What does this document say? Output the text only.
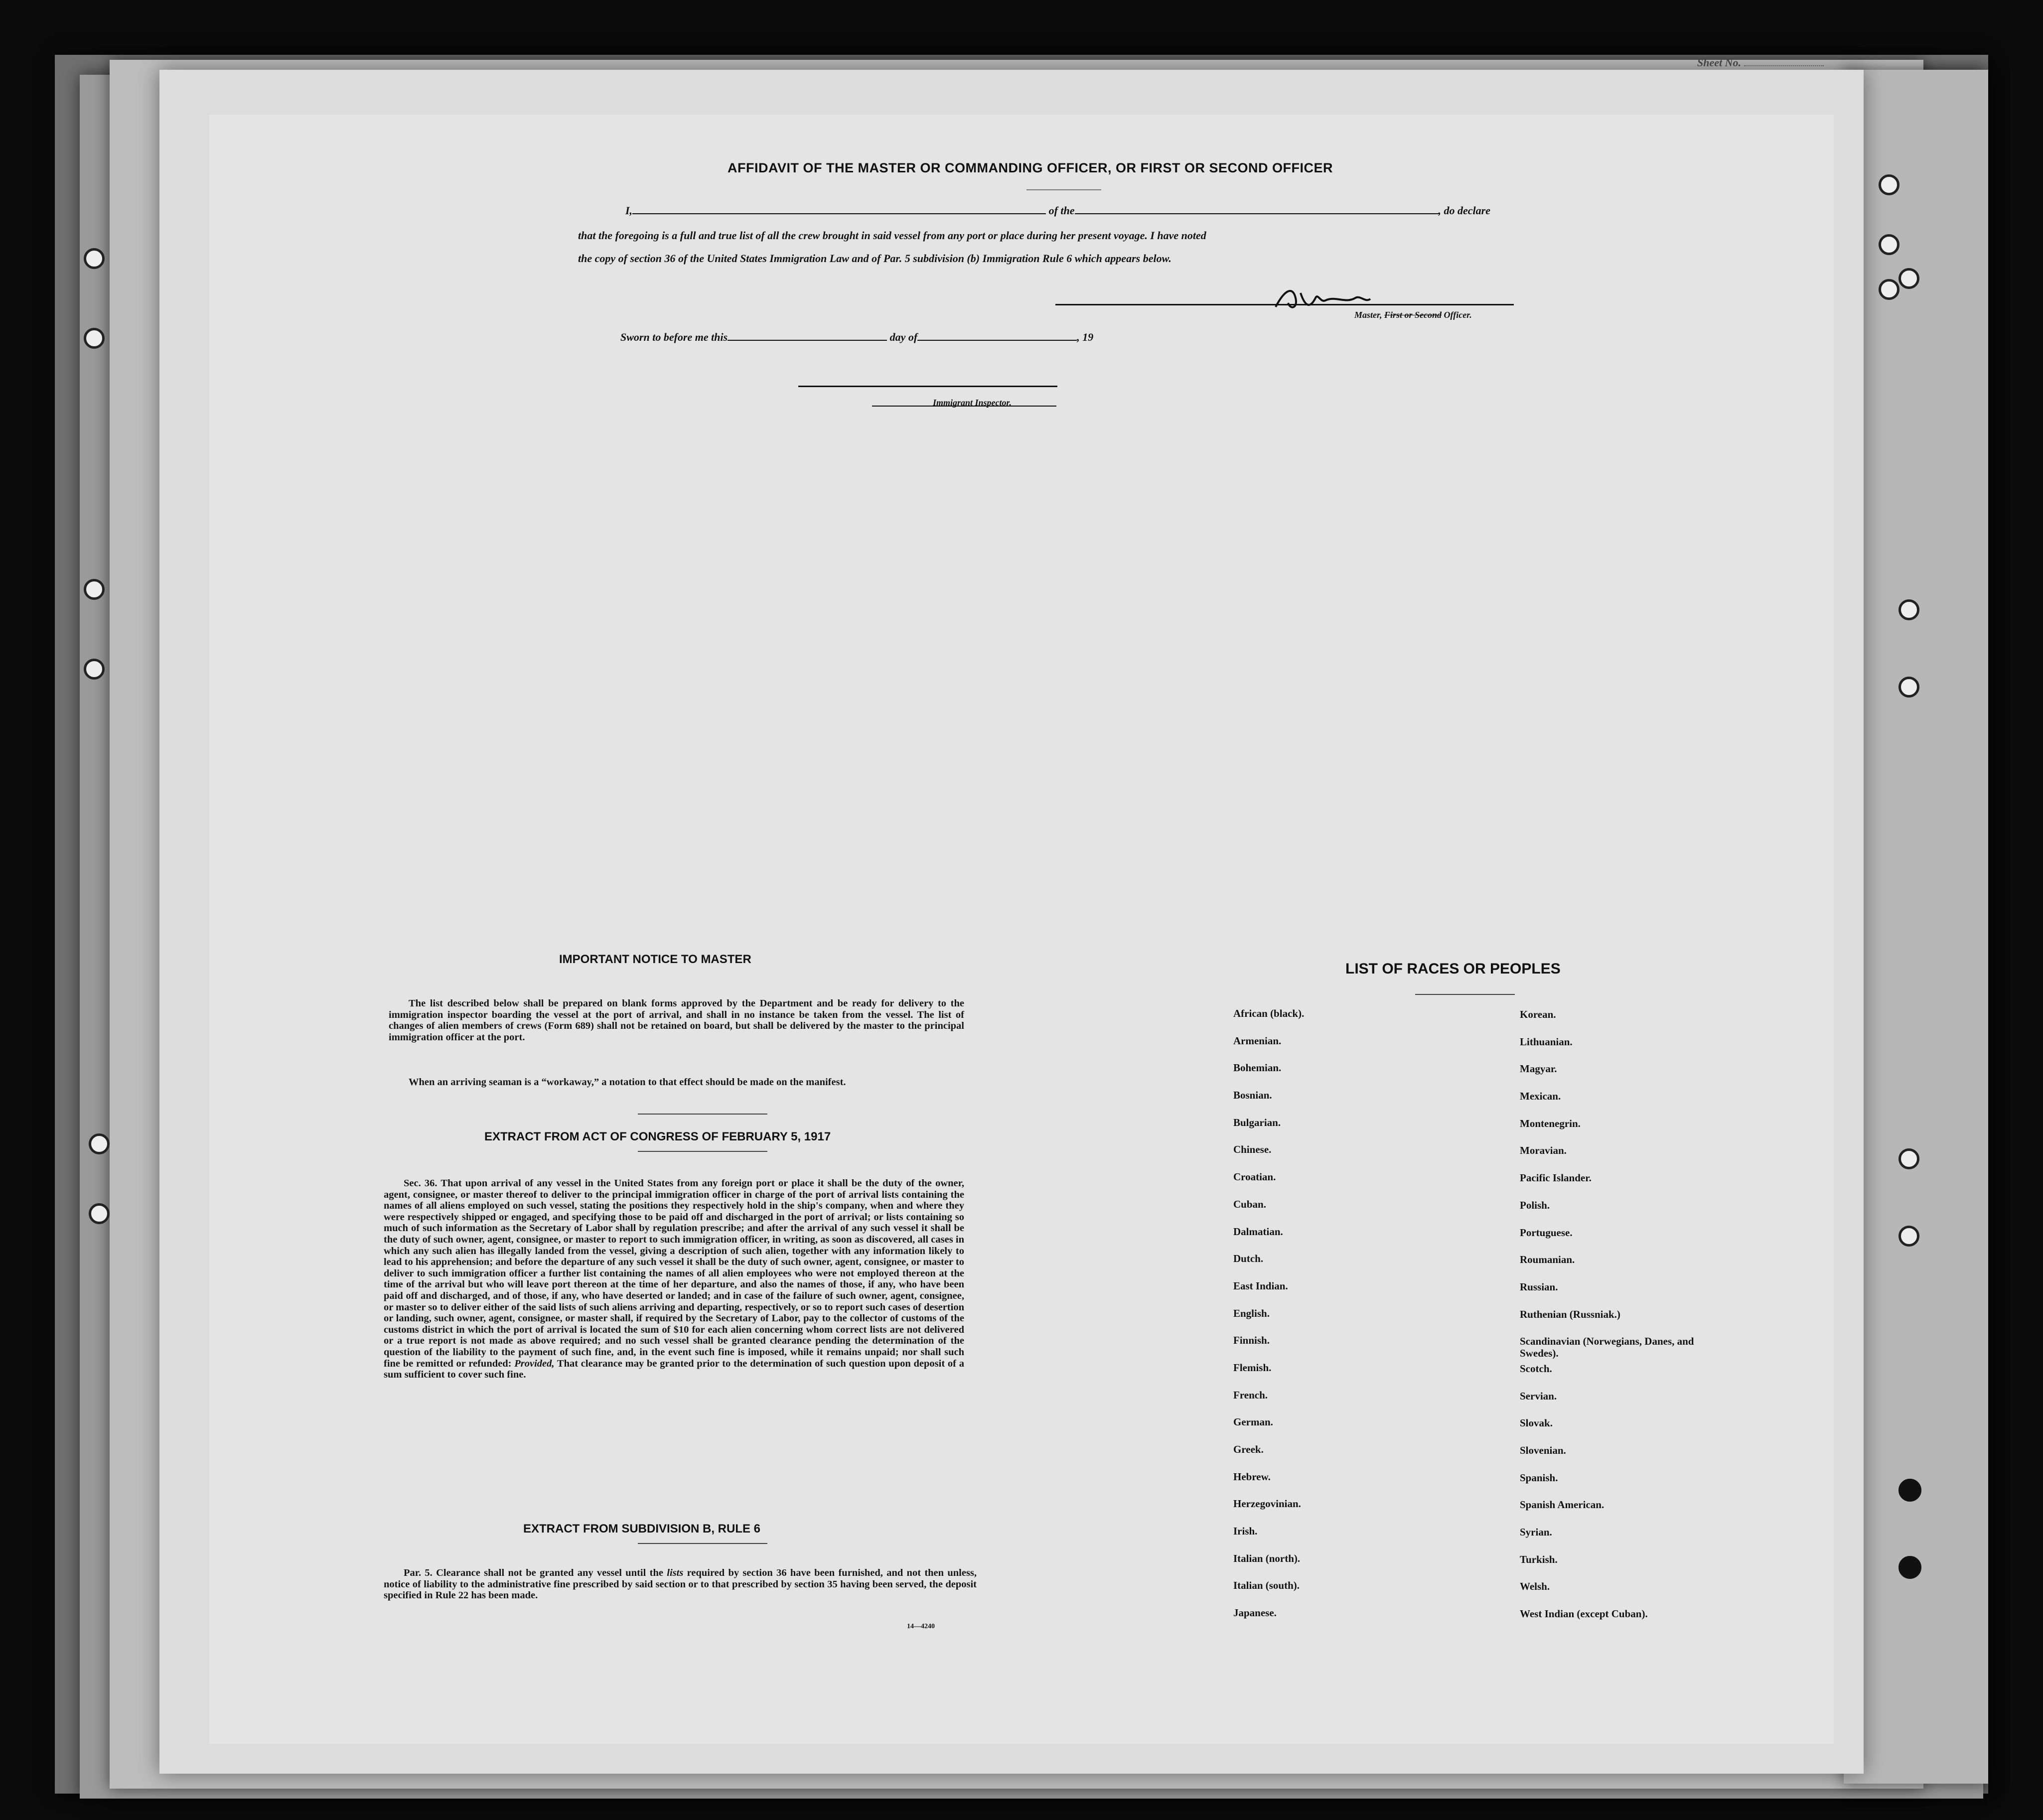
Sheet No.
AFFIDAVIT OF THE MASTER OR COMMANDING OFFICER, OR FIRST OR SECOND OFFICER
I,	of the	, do declare
that the foregoing is a full and true list of all the crew brought in said vessel from any port or place during her present voyage. I have noted
the copy of section 36 of the United States Immigration Law and of Par. 5 subdivision (b) Immigration Rule 6 which appears below.
Master, First or Second Officer.
Sworn to before me this	day of	, 19
Immigrant Inspector.
IMPORTANT NOTICE TO MASTER
The list described below shall be prepared on blank forms approved by the Department and be ready for delivery to the immigration inspector boarding the vessel at the port of arrival, and shall in no instance be taken from the vessel. The list of changes of alien members of crews (Form 689) shall not be retained on board, but shall be delivered by the master to the principal immigration officer at the port.
When an arriving seaman is a “workaway,” a notation to that effect should be made on the manifest.
EXTRACT FROM ACT OF CONGRESS OF FEBRUARY 5, 1917
Sec. 36. That upon arrival of any vessel in the United States from any foreign port or place it shall be the duty of the owner, agent, consignee, or master thereof to deliver to the principal immigration officer in charge of the port of arrival lists containing the names of all aliens employed on such vessel, stating the positions they respectively hold in the ship's company, when and where they were respectively shipped or engaged, and specifying those to be paid off and discharged in the port of arrival; or lists containing so much of such information as the Secretary of Labor shall by regulation prescribe; and after the arrival of any such vessel it shall be the duty of such owner, agent, consignee, or master to report to such immigration officer, in writing, as soon as discovered, all cases in which any such alien has illegally landed from the vessel, giving a description of such alien, together with any information likely to lead to his apprehension; and before the departure of any such vessel it shall be the duty of such owner, agent, consignee, or master to deliver to such immigration officer a further list containing the names of all alien employees who were not employed thereon at the time of the arrival but who will leave port thereon at the time of her departure, and also the names of those, if any, who have been paid off and discharged, and of those, if any, who have deserted or landed; and in case of the failure of such owner, agent, consignee, or master so to deliver either of the said lists of such aliens arriving and departing, respectively, or so to report such cases of desertion or landing, such owner, agent, consignee, or master shall, if required by the Secretary of Labor, pay to the collector of customs of the customs district in which the port of arrival is located the sum of $10 for each alien concerning whom correct lists are not delivered or a true report is not made as above required; and no such vessel shall be granted clearance pending the determination of the question of the liability to the payment of such fine, and, in the event such fine is imposed, while it remains unpaid; nor shall such fine be remitted or refunded: Provided, That clearance may be granted prior to the determination of such question upon deposit of a sum sufficient to cover such fine.
EXTRACT FROM SUBDIVISION B, RULE 6
Par. 5. Clearance shall not be granted any vessel until the lists required by section 36 have been furnished, and not then unless, notice of liability to the administrative fine prescribed by said section or to that prescribed by section 35 having been served, the deposit specified in Rule 22 has been made.
14—4240
LIST OF RACES OR PEOPLES
African (black).
Armenian.
Bohemian.
Bosnian.
Bulgarian.
Chinese.
Croatian.
Cuban.
Dalmatian.
Dutch.
East Indian.
English.
Finnish.
Flemish.
French.
German.
Greek.
Hebrew.
Herzegovinian.
Irish.
Italian (north).
Italian (south).
Japanese.
Korean.
Lithuanian.
Magyar.
Mexican.
Montenegrin.
Moravian.
Pacific Islander.
Polish.
Portuguese.
Roumanian.
Russian.
Ruthenian (Russniak.)
Scandinavian (Norwegians, Danes, and Swedes).
Scotch.
Servian.
Slovak.
Slovenian.
Spanish.
Spanish American.
Syrian.
Turkish.
Welsh.
West Indian (except Cuban).
